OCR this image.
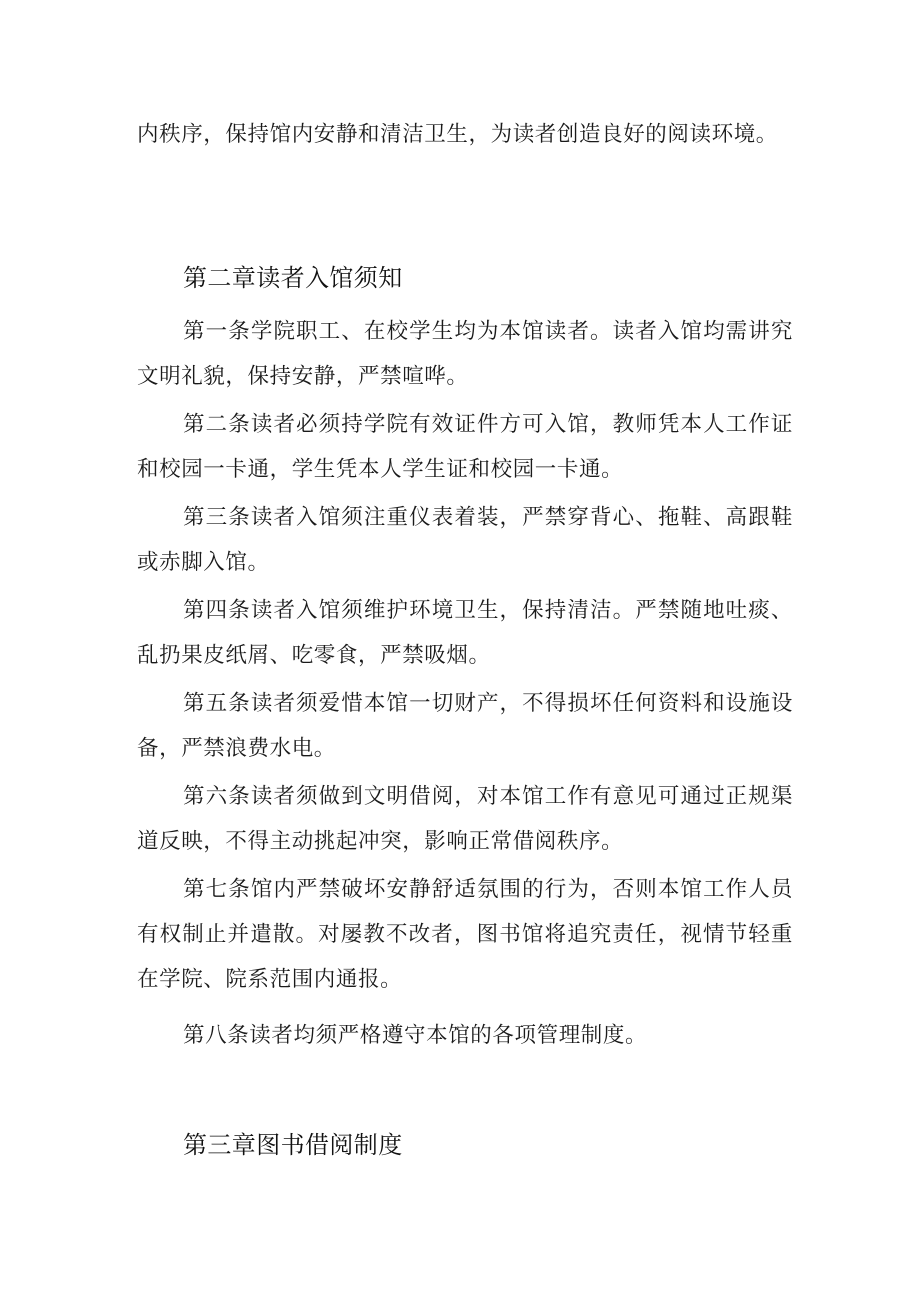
内秩序，保持馆内安静和清洁卫生，为读者创造良好的阅读环境。

第二章读者入馆须知

第一条学院职工、在校学生均为本馆读者。读者入馆均需讲究文明礼貌，保持安静，严禁喧哗。

第二条读者必须持学院有效证件方可入馆，教师凭本人工作证和校园一卡通，学生凭本人学生证和校园一卡通。

第三条读者入馆须注重仪表着装，严禁穿背心、拖鞋、高跟鞋或赤脚入馆。

第四条读者入馆须维护环境卫生，保持清洁。严禁随地吐痰、乱扔果皮纸屑、吃零食，严禁吸烟。

第五条读者须爱惜本馆一切财产，不得损坏任何资料和设施设备，严禁浪费水电。

第六条读者须做到文明借阅，对本馆工作有意见可通过正规渠道反映，不得主动挑起冲突，影响正常借阅秩序。

第七条馆内严禁破坏安静舒适氛围的行为，否则本馆工作人员有权制止并遣散。对屡教不改者，图书馆将追究责任，视情节轻重在学院、院系范围内通报。

第八条读者均须严格遵守本馆的各项管理制度。

第三章图书借阅制度
